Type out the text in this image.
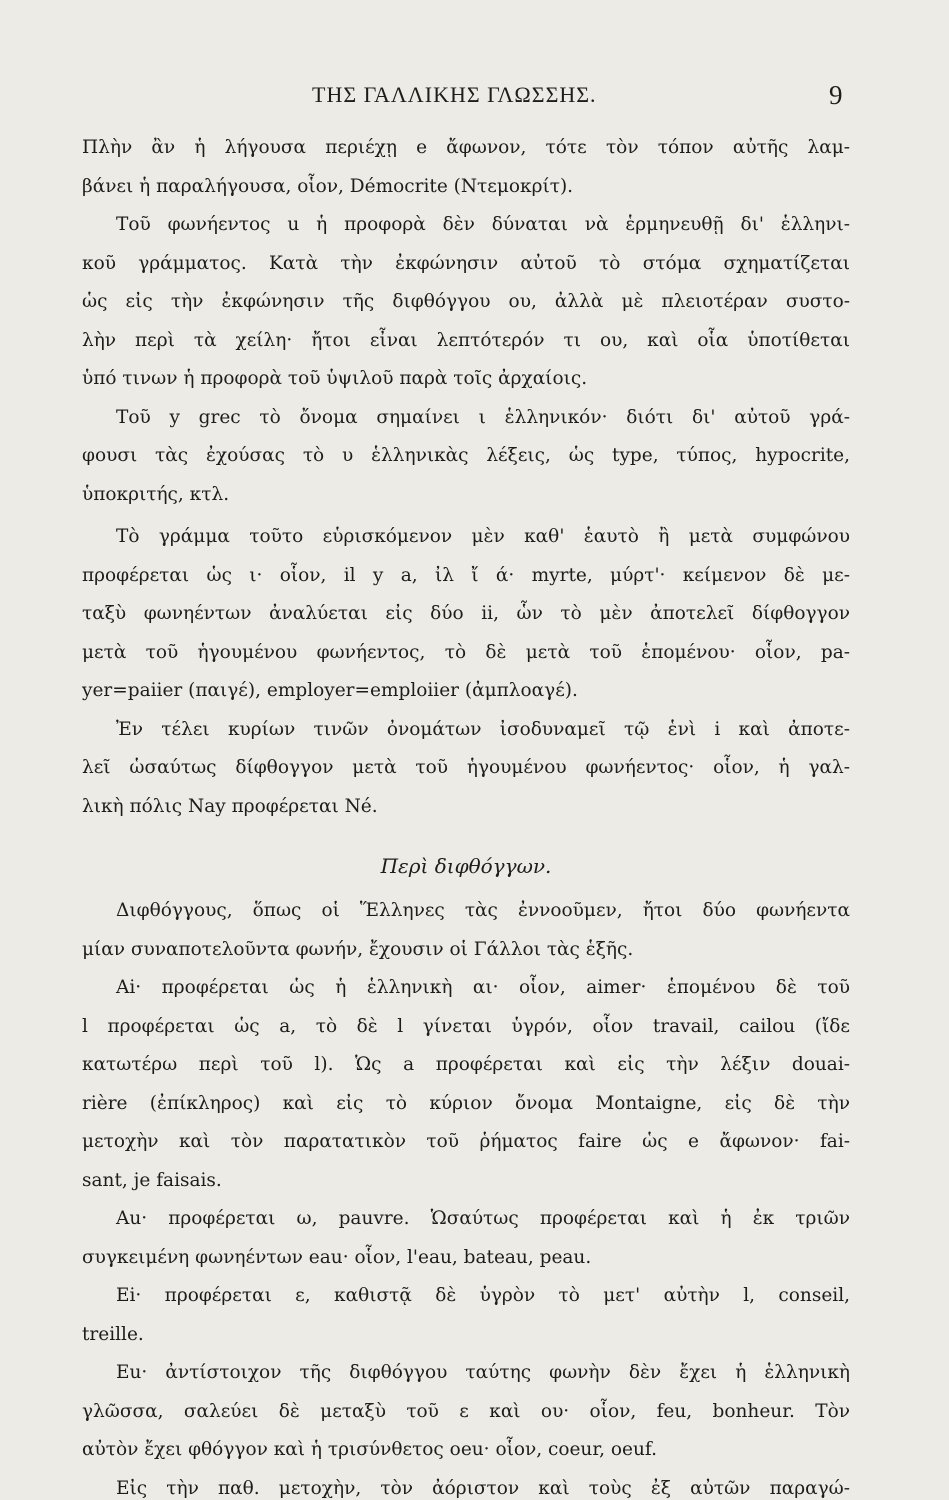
ΤΗΣ ΓΑΛΛΙΚΗΣ ΓΛΩΣΣΗΣ.	9
Πλὴν ἂν ἡ λήγουσα περιέχῃ e ἄφωνον, τότε τὸν τόπον αὐτῆς λαμ-
βάνει ἡ παραλήγουσα, οἷον, Démocrite (Ντεμοκρίτ).
Τοῦ φωνήεντος u ἡ προφορὰ δὲν δύναται νὰ ἑρμηνευθῇ δι' ἑλληνι-
κοῦ γράμματος. Κατὰ τὴν ἐκφώνησιν αὐτοῦ τὸ στόμα σχηματίζεται
ὡς εἰς τὴν ἐκφώνησιν τῆς διφθόγγου ου, ἀλλὰ μὲ πλειοτέραν συστο-
λὴν περὶ τὰ χείλη· ἤτοι εἶναι λεπτότερόν τι ου, καὶ οἷα ὑποτίθεται
ὑπό τινων ἡ προφορὰ τοῦ ὑψιλοῦ παρὰ τοῖς ἀρχαίοις.
Τοῦ y grec τὸ ὄνομα σημαίνει ι ἑλληνικόν· διότι δι' αὐτοῦ γρά-
φουσι τὰς ἐχούσας τὸ υ ἑλληνικὰς λέξεις, ὡς type, τύπος, hypocrite,
ὑποκριτής, κτλ.
Τὸ γράμμα τοῦτο εὑρισκόμενον μὲν καθ' ἑαυτὸ ἢ μετὰ συμφώνου
προφέρεται ὡς ι· οἷον, il y a, ἰλ ἴ ά· myrte, μύρτ'· κείμενον δὲ με-
ταξὺ φωνηέντων ἀναλύεται εἰς δύο ii, ὧν τὸ μὲν ἀποτελεῖ δίφθογγον
μετὰ τοῦ ἡγουμένου φωνήεντος, τὸ δὲ μετὰ τοῦ ἑπομένου· οἷον, pa-
yer=paiier (παιγέ), employer=emploiier (ἀμπλοαγέ).
Ἐν τέλει κυρίων τινῶν ὀνομάτων ἰσοδυναμεῖ τῷ ἑνὶ i καὶ ἀποτε-
λεῖ ὡσαύτως δίφθογγον μετὰ τοῦ ἡγουμένου φωνήεντος· οἷον, ἡ γαλ-
λικὴ πόλις Nay προφέρεται Né.
Περὶ διφθόγγων.
Διφθόγγους, ὅπως οἱ Ἕλληνες τὰς ἐννοοῦμεν, ἤτοι δύο φωνήεντα
μίαν συναποτελοῦντα φωνήν, ἔχουσιν οἱ Γάλλοι τὰς ἑξῆς.
Ai· προφέρεται ὡς ἡ ἑλληνικὴ αι· οἷον, aimer· ἑπομένου δὲ τοῦ
l προφέρεται ὡς a, τὸ δὲ l γίνεται ὑγρόν, οἷον travail, cailou (ἴδε
κατωτέρω περὶ τοῦ l). Ὡς a προφέρεται καὶ εἰς τὴν λέξιν douai-
rière (ἐπίκληρος) καὶ εἰς τὸ κύριον ὄνομα Montaigne, εἰς δὲ τὴν
μετοχὴν καὶ τὸν παρατατικὸν τοῦ ῥήματος faire ὡς e ἄφωνον· fai-
sant, je faisais.
Au· προφέρεται ω, pauvre. Ὡσαύτως προφέρεται καὶ ἡ ἐκ τριῶν
συγκειμένη φωνηέντων eau· οἷον, l'eau, bateau, peau.
Ei· προφέρεται ε, καθιστᾷ δὲ ὑγρὸν τὸ μετ' αὐτὴν l, conseil,
treille.
Eu· ἀντίστοιχον τῆς διφθόγγου ταύτης φωνὴν δὲν ἔχει ἡ ἑλληνικὴ
γλῶσσα, σαλεύει δὲ μεταξὺ τοῦ ε καὶ ου· οἷον, feu, bonheur. Τὸν
αὐτὸν ἔχει φθόγγον καὶ ἡ τρισύνθετος oeu· οἷον, coeur, oeuf.
Εἰς τὴν παθ. μετοχὴν, τὸν ἀόριστον καὶ τοὺς ἐξ αὐτῶν παραγώ-
